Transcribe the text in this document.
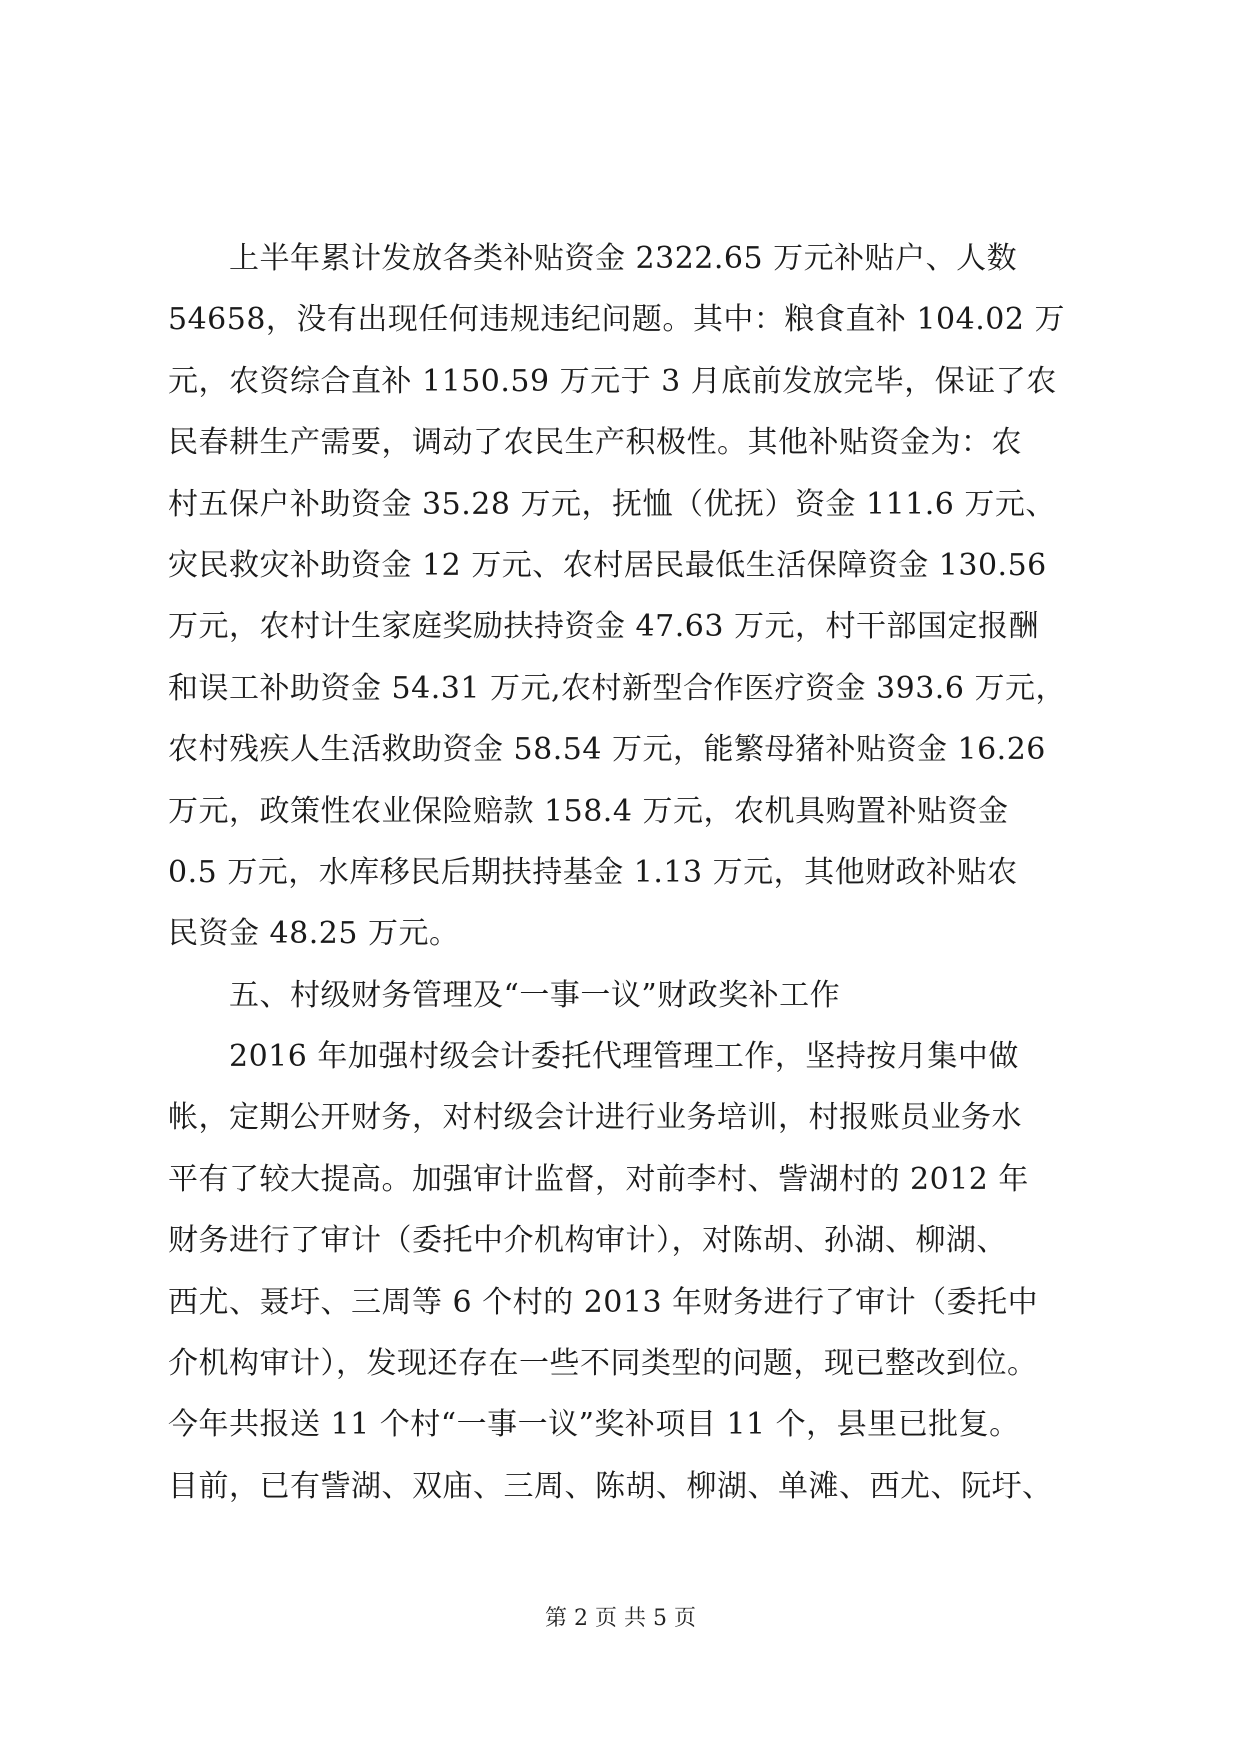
上半年累计发放各类补贴资金 2322.65 万元补贴户、人数
54658，没有出现任何违规违纪问题。其中：粮食直补 104.02 万
元，农资综合直补 1150.59 万元于 3 月底前发放完毕，保证了农
民春耕生产需要，调动了农民生产积极性。其他补贴资金为：农
村五保户补助资金 35.28 万元，抚恤（优抚）资金 111.6 万元、
灾民救灾补助资金 12 万元、农村居民最低生活保障资金 130.56
万元，农村计生家庭奖励扶持资金 47.63 万元，村干部国定报酬
和误工补助资金 54.31 万元,农村新型合作医疗资金 393.6 万元，
农村残疾人生活救助资金 58.54 万元，能繁母猪补贴资金 16.26
万元，政策性农业保险赔款 158.4 万元，农机具购置补贴资金
0.5 万元，水库移民后期扶持基金 1.13 万元，其他财政补贴农
民资金 48.25 万元。
五、村级财务管理及“一事一议”财政奖补工作
2016 年加强村级会计委托代理管理工作，坚持按月集中做
帐，定期公开财务，对村级会计进行业务培训，村报账员业务水
平有了较大提高。加强审计监督，对前李村、訾湖村的 2012 年
财务进行了审计（委托中介机构审计），对陈胡、孙湖、柳湖、
西尤、聂圩、三周等 6 个村的 2013 年财务进行了审计（委托中
介机构审计），发现还存在一些不同类型的问题，现已整改到位。
今年共报送 11 个村“一事一议”奖补项目 11 个，县里已批复。
目前，已有訾湖、双庙、三周、陈胡、柳湖、单滩、西尤、阮圩、
第 2 页 共 5 页
